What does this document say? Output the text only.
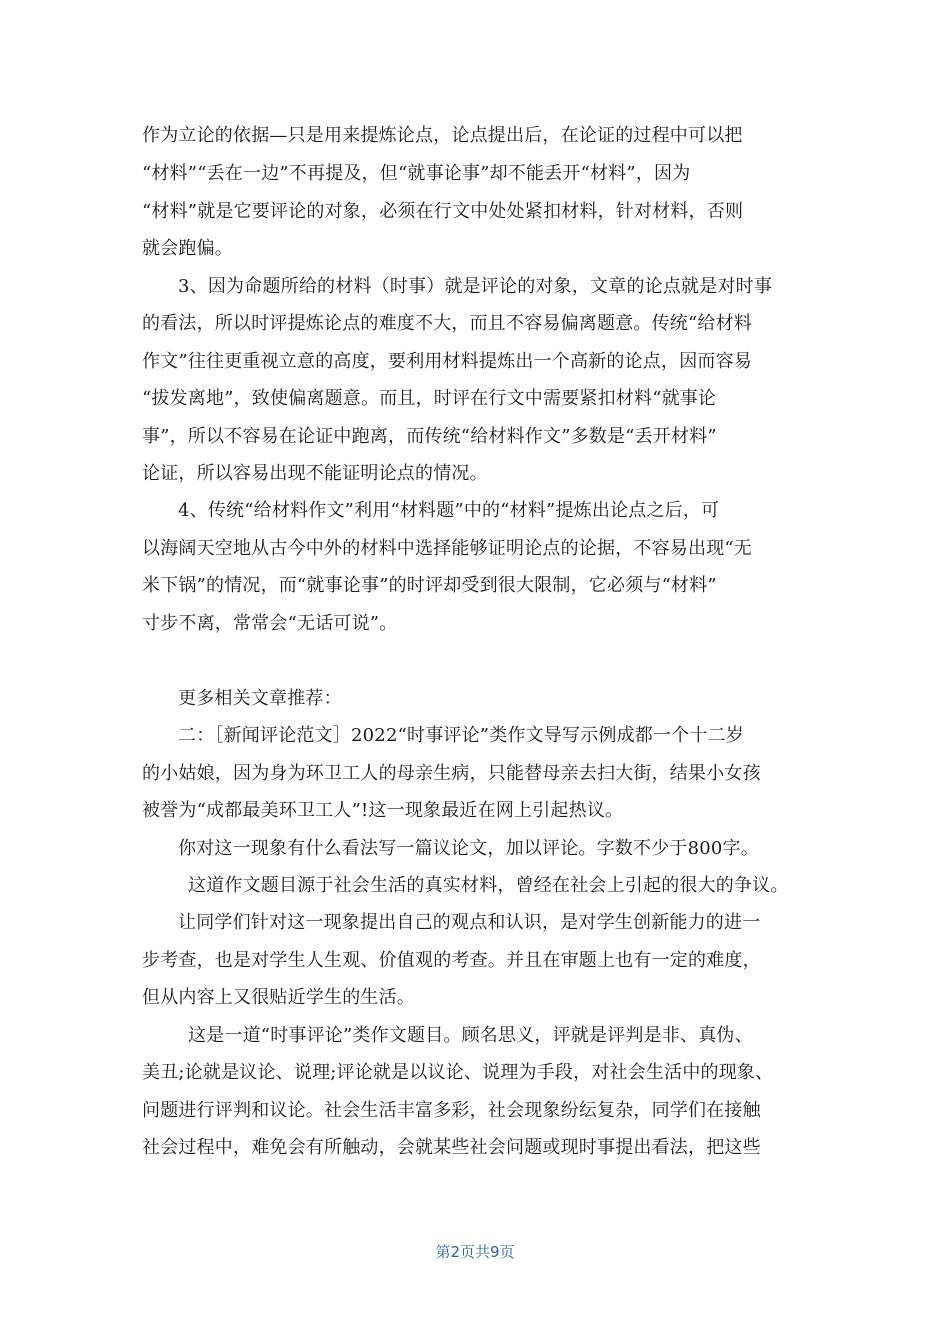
作为立论的依据—只是用来提炼论点，论点提出后，在论证的过程中可以把
“材料”“丢在一边”不再提及，但“就事论事”却不能丢开“材料”，因为
“材料”就是它要评论的对象，必须在行文中处处紧扣材料，针对材料，否则
就会跑偏。
3、因为命题所给的材料（时事）就是评论的对象，文章的论点就是对时事
的看法，所以时评提炼论点的难度不大，而且不容易偏离题意。传统“给材料
作文”往往更重视立意的高度，要利用材料提炼出一个高新的论点，因而容易
“拔发离地”，致使偏离题意。而且，时评在行文中需要紧扣材料“就事论
事”，所以不容易在论证中跑离，而传统“给材料作文”多数是“丢开材料”
论证，所以容易出现不能证明论点的情况。
4、传统“给材料作文”利用“材料题”中的“材料”提炼出论点之后，可
以海阔天空地从古今中外的材料中选择能够证明论点的论据，不容易出现“无
米下锅”的情况，而“就事论事”的时评却受到很大限制，它必须与“材料”
寸步不离，常常会“无话可说”。
更多相关文章推荐：
二：［新闻评论范文］2022“时事评论”类作文导写示例成都一个十二岁
的小姑娘，因为身为环卫工人的母亲生病，只能替母亲去扫大街，结果小女孩
被誉为“成都最美环卫工人”!这一现象最近在网上引起热议。
你对这一现象有什么看法写一篇议论文，加以评论。字数不少于800字。
这道作文题目源于社会生活的真实材料，曾经在社会上引起的很大的争议。
让同学们针对这一现象提出自己的观点和认识，是对学生创新能力的进一
步考查，也是对学生人生观、价值观的考查。并且在审题上也有一定的难度，
但从内容上又很贴近学生的生活。
这是一道“时事评论”类作文题目。顾名思义，评就是评判是非、真伪、
美丑;论就是议论、说理;评论就是以议论、说理为手段，对社会生活中的现象、
问题进行评判和议论。社会生活丰富多彩，社会现象纷纭复杂，同学们在接触
社会过程中，难免会有所触动，会就某些社会问题或现时事提出看法，把这些
第2页共9页
